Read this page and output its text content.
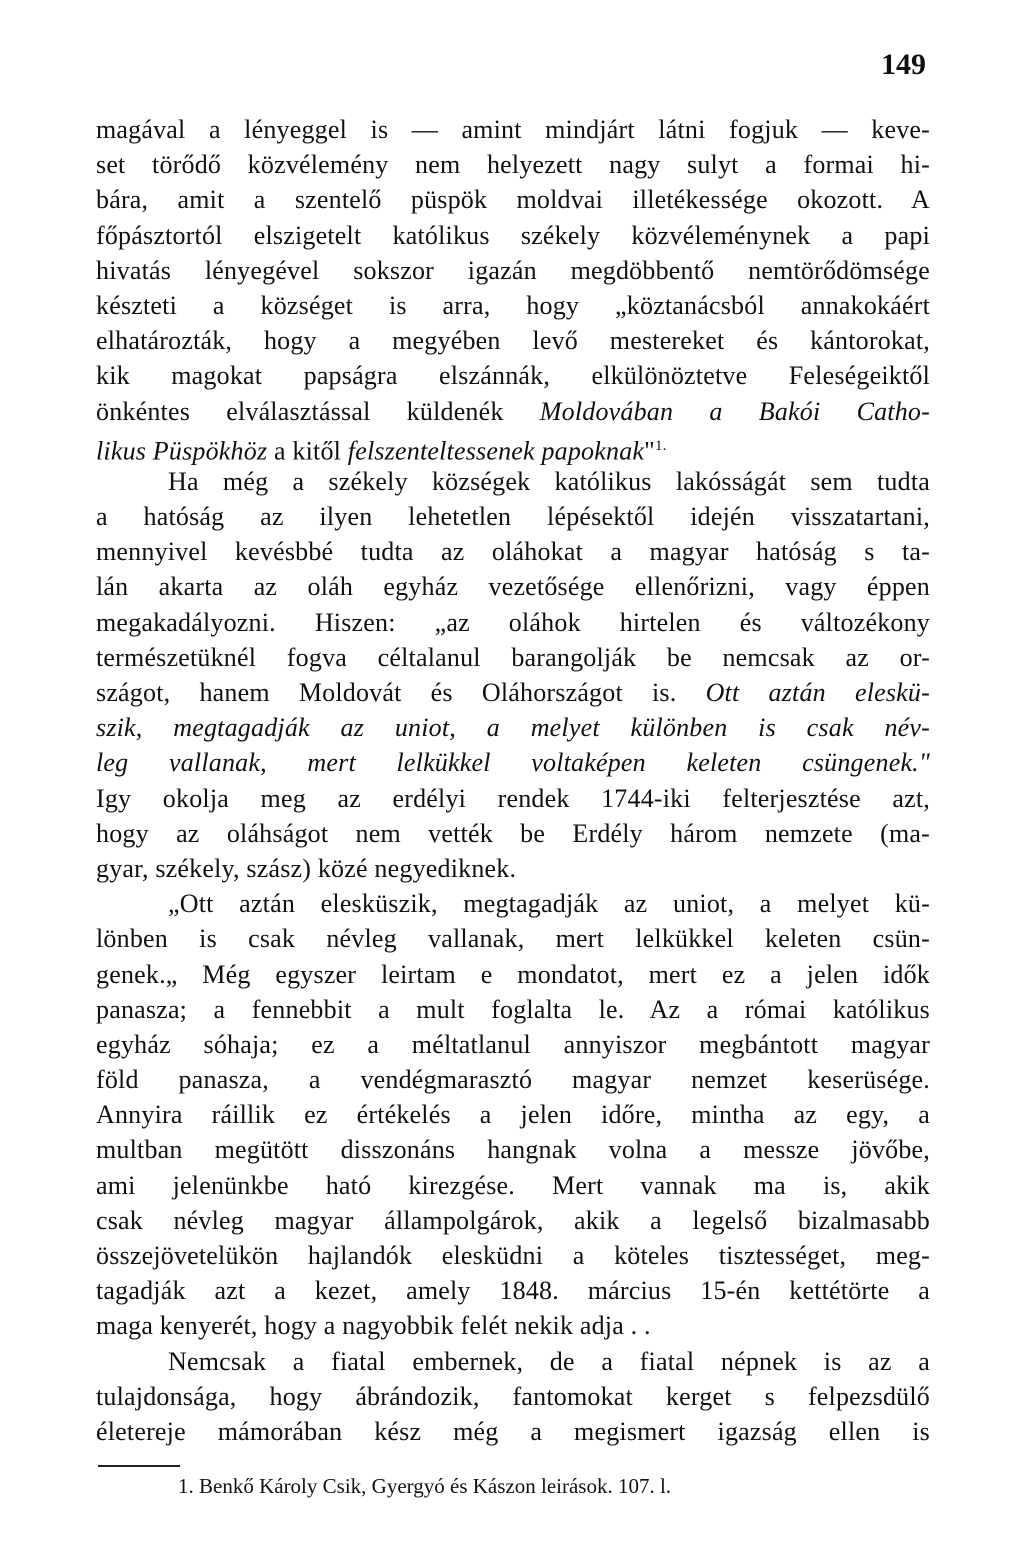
149
magával a lényeggel is — amint mindjárt látni fogjuk — keve-
set törődő közvélemény nem helyezett nagy sulyt a formai hi-
bára, amit a szentelő püspök moldvai illetékessége okozott. A
főpásztortól elszigetelt katólikus székely közvéleménynek a papi
hivatás lényegével sokszor igazán megdöbbentő nemtörődömsége
készteti a községet is arra, hogy „köztanácsból annakokáért
elhatározták, hogy a megyében levő mestereket és kántorokat,
kik magokat papságra elszánnák, elkülönöztetve Feleségeiktől
önkéntes elválasztással küldenék Moldovában a Bakói Catho-
likus Püspökhöz a kitől felszenteltessenek papoknak"$^{1.}$
Ha még a székely községek katólikus lakósságát sem tudta
a hatóság az ilyen lehetetlen lépésektől idején visszatartani,
mennyivel kevésbbé tudta az oláhokat a magyar hatóság s ta-
lán akarta az oláh egyház vezetősége ellenőrizni, vagy éppen
megakadályozni. Hiszen: „az oláhok hirtelen és változékony
természetüknél fogva céltalanul barangolják be nemcsak az or-
szágot, hanem Moldovát és Oláhországot is. Ott aztán eleskü-
szik, megtagadják az uniot, a melyet különben is csak név-
leg vallanak, mert lelkükkel voltaképen keleten csüngenek."
Igy okolja meg az erdélyi rendek 1744-iki felterjesztése azt,
hogy az oláhságot nem vették be Erdély három nemzete (ma-
gyar, székely, szász) közé negyediknek.
„Ott aztán elesküszik, megtagadják az uniot, a melyet kü-
lönben is csak névleg vallanak, mert lelkükkel keleten csün-
genek.„ Még egyszer leirtam e mondatot, mert ez a jelen idők
panasza; a fennebbit a mult foglalta le. Az a római katólikus
egyház sóhaja; ez a méltatlanul annyiszor megbántott magyar
föld panasza, a vendégmarasztó magyar nemzet keserüsége.
Annyira ráillik ez értékelés a jelen időre, mintha az egy, a
multban megütött disszonáns hangnak volna a messze jövőbe,
ami jelenünkbe ható kirezgése. Mert vannak ma is, akik
csak névleg magyar állampolgárok, akik a legelső bizalmasabb
összejövetelükön hajlandók elesküdni a köteles tisztességet, meg-
tagadják azt a kezet, amely 1848. március 15-én kettétörte a
maga kenyerét, hogy a nagyobbik felét nekik adja . .
Nemcsak a fiatal embernek, de a fiatal népnek is az a
tulajdonsága, hogy ábrándozik, fantomokat kerget s felpezsdülő
életereje mámorában kész még a megismert igazság ellen is
1. Benkő Károly Csik, Gyergyó és Kászon leirások. 107. l.
